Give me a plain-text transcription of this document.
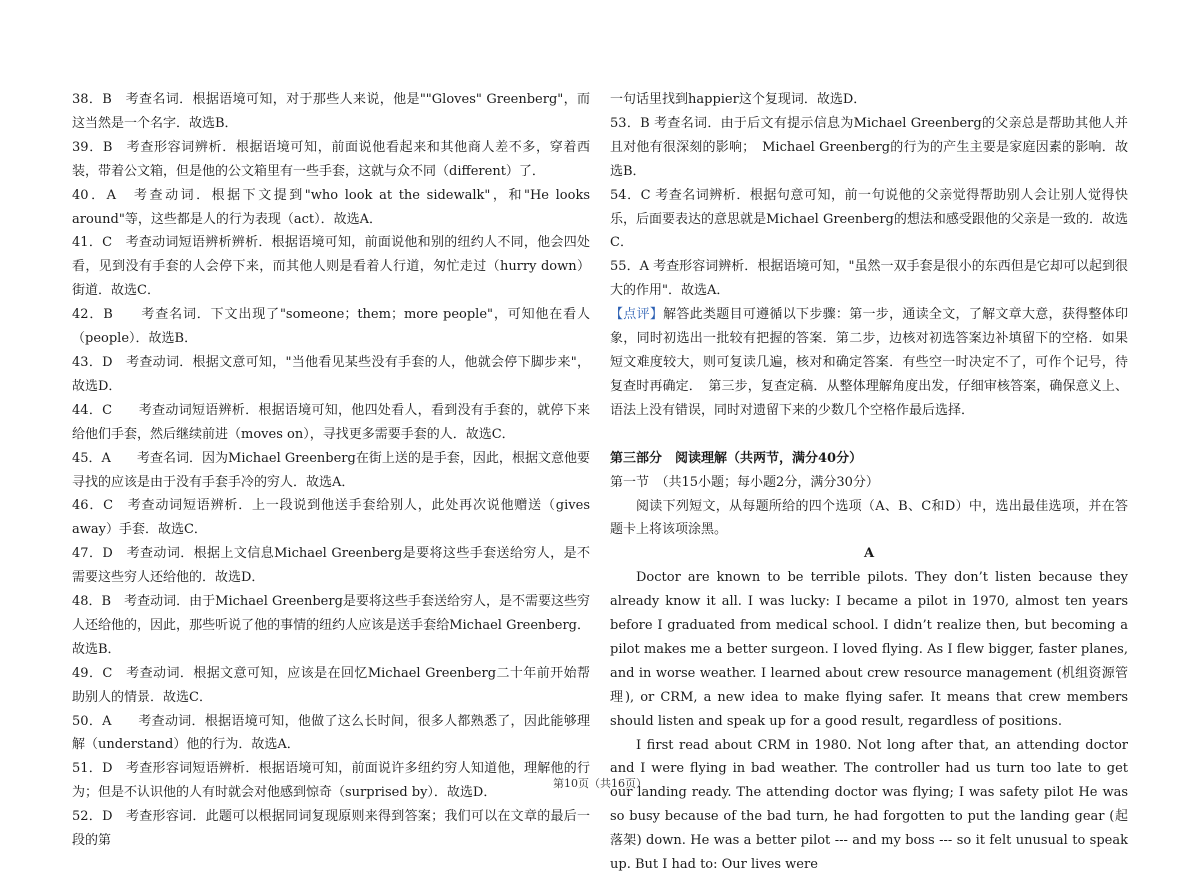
38．B　考查名词．根据语境可知，对于那些人来说，他是""Gloves" Greenberg"，而这当然是一个名字．故选B．

39．B　考查形容词辨析．根据语境可知，前面说他看起来和其他商人差不多，穿着西装，带着公文箱，但是他的公文箱里有一些手套，这就与众不同（different）了．

40．A　考查动词．根据下文提到"who look at the sidewalk"，和"He looks around"等，这些都是人的行为表现（act）．故选A．

41．C　考查动词短语辨析辨析．根据语境可知，前面说他和别的纽约人不同，他会四处看，见到没有手套的人会停下来，而其他人则是看着人行道，匆忙走过（hurry down）街道．故选C．

42．B　　考查名词．下文出现了"someone；them；more people"，可知他在看人（people）．故选B．

43．D　考查动词．根据文意可知，"当他看见某些没有手套的人，他就会停下脚步来"，故选D．

44．C　　考查动词短语辨析．根据语境可知，他四处看人，看到没有手套的，就停下来给他们手套，然后继续前进（moves on），寻找更多需要手套的人．故选C．

45．A　　考查名词．因为Michael Greenberg在街上送的是手套，因此，根据文意他要寻找的应该是由于没有手套手冷的穷人．故选A．

46．C　考查动词短语辨析．上一段说到他送手套给别人，此处再次说他赠送（gives away）手套．故选C．

47．D　考查动词．根据上文信息Michael Greenberg是要将这些手套送给穷人，是不需要这些穷人还给他的．故选D．

48．B　考查动词．由于Michael Greenberg是要将这些手套送给穷人，是不需要这些穷人还给他的，因此，那些听说了他的事情的纽约人应该是送手套给Michael Greenberg．故选B．

49．C　考查动词．根据文意可知，应该是在回忆Michael Greenberg二十年前开始帮助别人的情景．故选C．

50．A　　考查动词．根据语境可知，他做了这么长时间，很多人都熟悉了，因此能够理解（understand）他的行为．故选A．

51．D　考查形容词短语辨析．根据语境可知，前面说许多纽约穷人知道他，理解他的行为；但是不认识他的人有时就会对他感到惊奇（surprised by）．故选D．

52．D　考查形容词．此题可以根据同词复现原则来得到答案；我们可以在文章的最后一段的第

一句话里找到happier这个复现词．故选D．

53．B 考查名词．由于后文有提示信息为Michael Greenberg的父亲总是帮助其他人并且对他有很深刻的影响；　Michael Greenberg的行为的产生主要是家庭因素的影响．故选B．

54．C 考查名词辨析．根据句意可知，前一句说他的父亲觉得帮助别人会让别人觉得快乐，后面要表达的意思就是Michael Greenberg的想法和感受跟他的父亲是一致的．故选C．

55．A 考查形容词辨析．根据语境可知，"虽然一双手套是很小的东西但是它却可以起到很大的作用"．故选A．

【点评】解答此类题目可遵循以下步骤：第一步，通读全文，了解文章大意，获得整体印象，同时初选出一批较有把握的答案．第二步，边核对初选答案边补填留下的空格．如果短文难度较大，则可复读几遍，核对和确定答案．有些空一时决定不了，可作个记号，待复查时再确定．　第三步，复查定稿．从整体理解角度出发，仔细审核答案，确保意义上、语法上没有错误，同时对遗留下来的少数几个空格作最后选择．

第三部分　阅读理解（共两节，满分40分）

第一节　（共15小题；每小题2分，满分30分）

阅读下列短文，从每题所给的四个选项（A、B、C和D）中，选出最佳选项，并在答题卡上将该项涂黑。

A

Doctor are known to be terrible pilots. They don’t listen because they already know it all. I was lucky: I became a pilot in 1970, almost ten years before I graduated from medical school. I didn’t realize then, but becoming a pilot makes me a better surgeon. I loved flying. As I flew bigger, faster planes, and in worse weather. I learned about crew resource management (机组资源管理), or CRM, a new idea to make flying safer. It means that crew members should listen and speak up for a good result, regardless of positions.

I first read about CRM in 1980. Not long after that, an attending doctor and I were flying in bad weather. The controller had us turn too late to get our landing ready. The attending doctor was flying; I was safety pilot He was so busy because of the bad turn, he had forgotten to put the landing gear (起落架) down. He was a better pilot --- and my boss --- so it felt unusual to speak up. But I had to: Our lives were

第10页（共16页）
